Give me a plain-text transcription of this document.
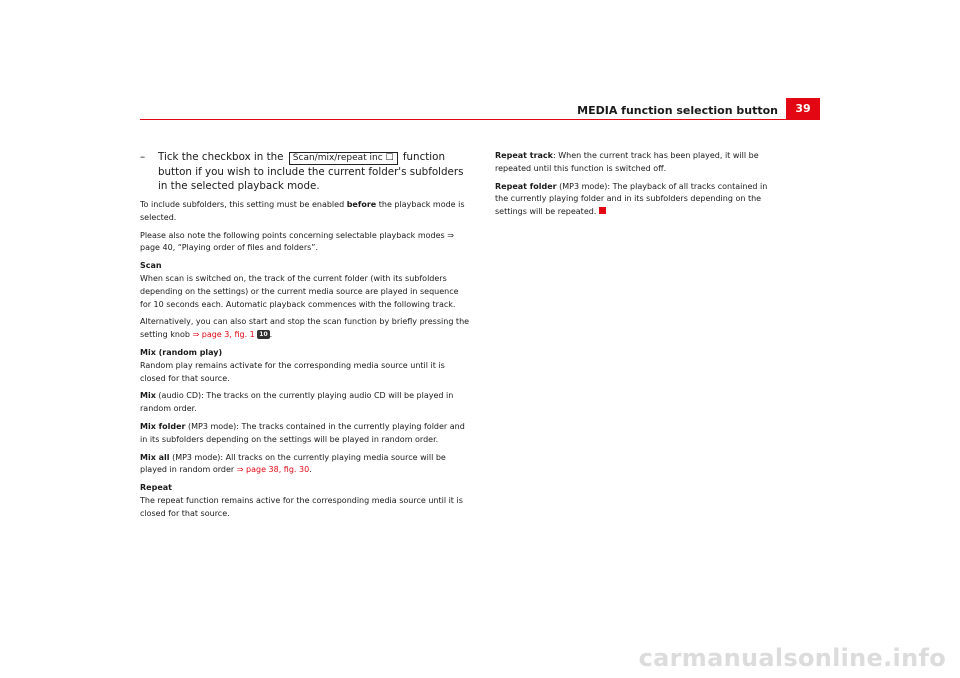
MEDIA function selection button	39
–	Tick the checkbox in the Scan/mix/repeat inc ☐ function button if you wish to include the current folder's subfolders in the selected playback mode.

To include subfolders, this setting must be enabled before the playback mode is selected.

Please also note the following points concerning selectable playback modes ⇒ page 40, “Playing order of files and folders”.

Scan

When scan is switched on, the track of the current folder (with its subfolders depending on the settings) or the current media source are played in sequence for 10 seconds each. Automatic playback commences with the following track.

Alternatively, you can also start and stop the scan function by briefly pressing the setting knob ⇒ page 3, fig. 1 10 .

Mix (random play)

Random play remains activate for the corresponding media source until it is closed for that source.

Mix (audio CD): The tracks on the currently playing audio CD will be played in random order.

Mix folder (MP3 mode): The tracks contained in the currently playing folder and in its subfolders depending on the settings will be played in random order.

Mix all (MP3 mode): All tracks on the currently playing media source will be played in random order ⇒ page 38, fig. 30.

Repeat

The repeat function remains active for the corresponding media source until it is closed for that source.

Repeat track: When the current track has been played, it will be repeated until this function is switched off.

Repeat folder (MP3 mode): The playback of all tracks contained in the currently playing folder and in its subfolders depending on the settings will be repeated.

carmanualsonline.info
